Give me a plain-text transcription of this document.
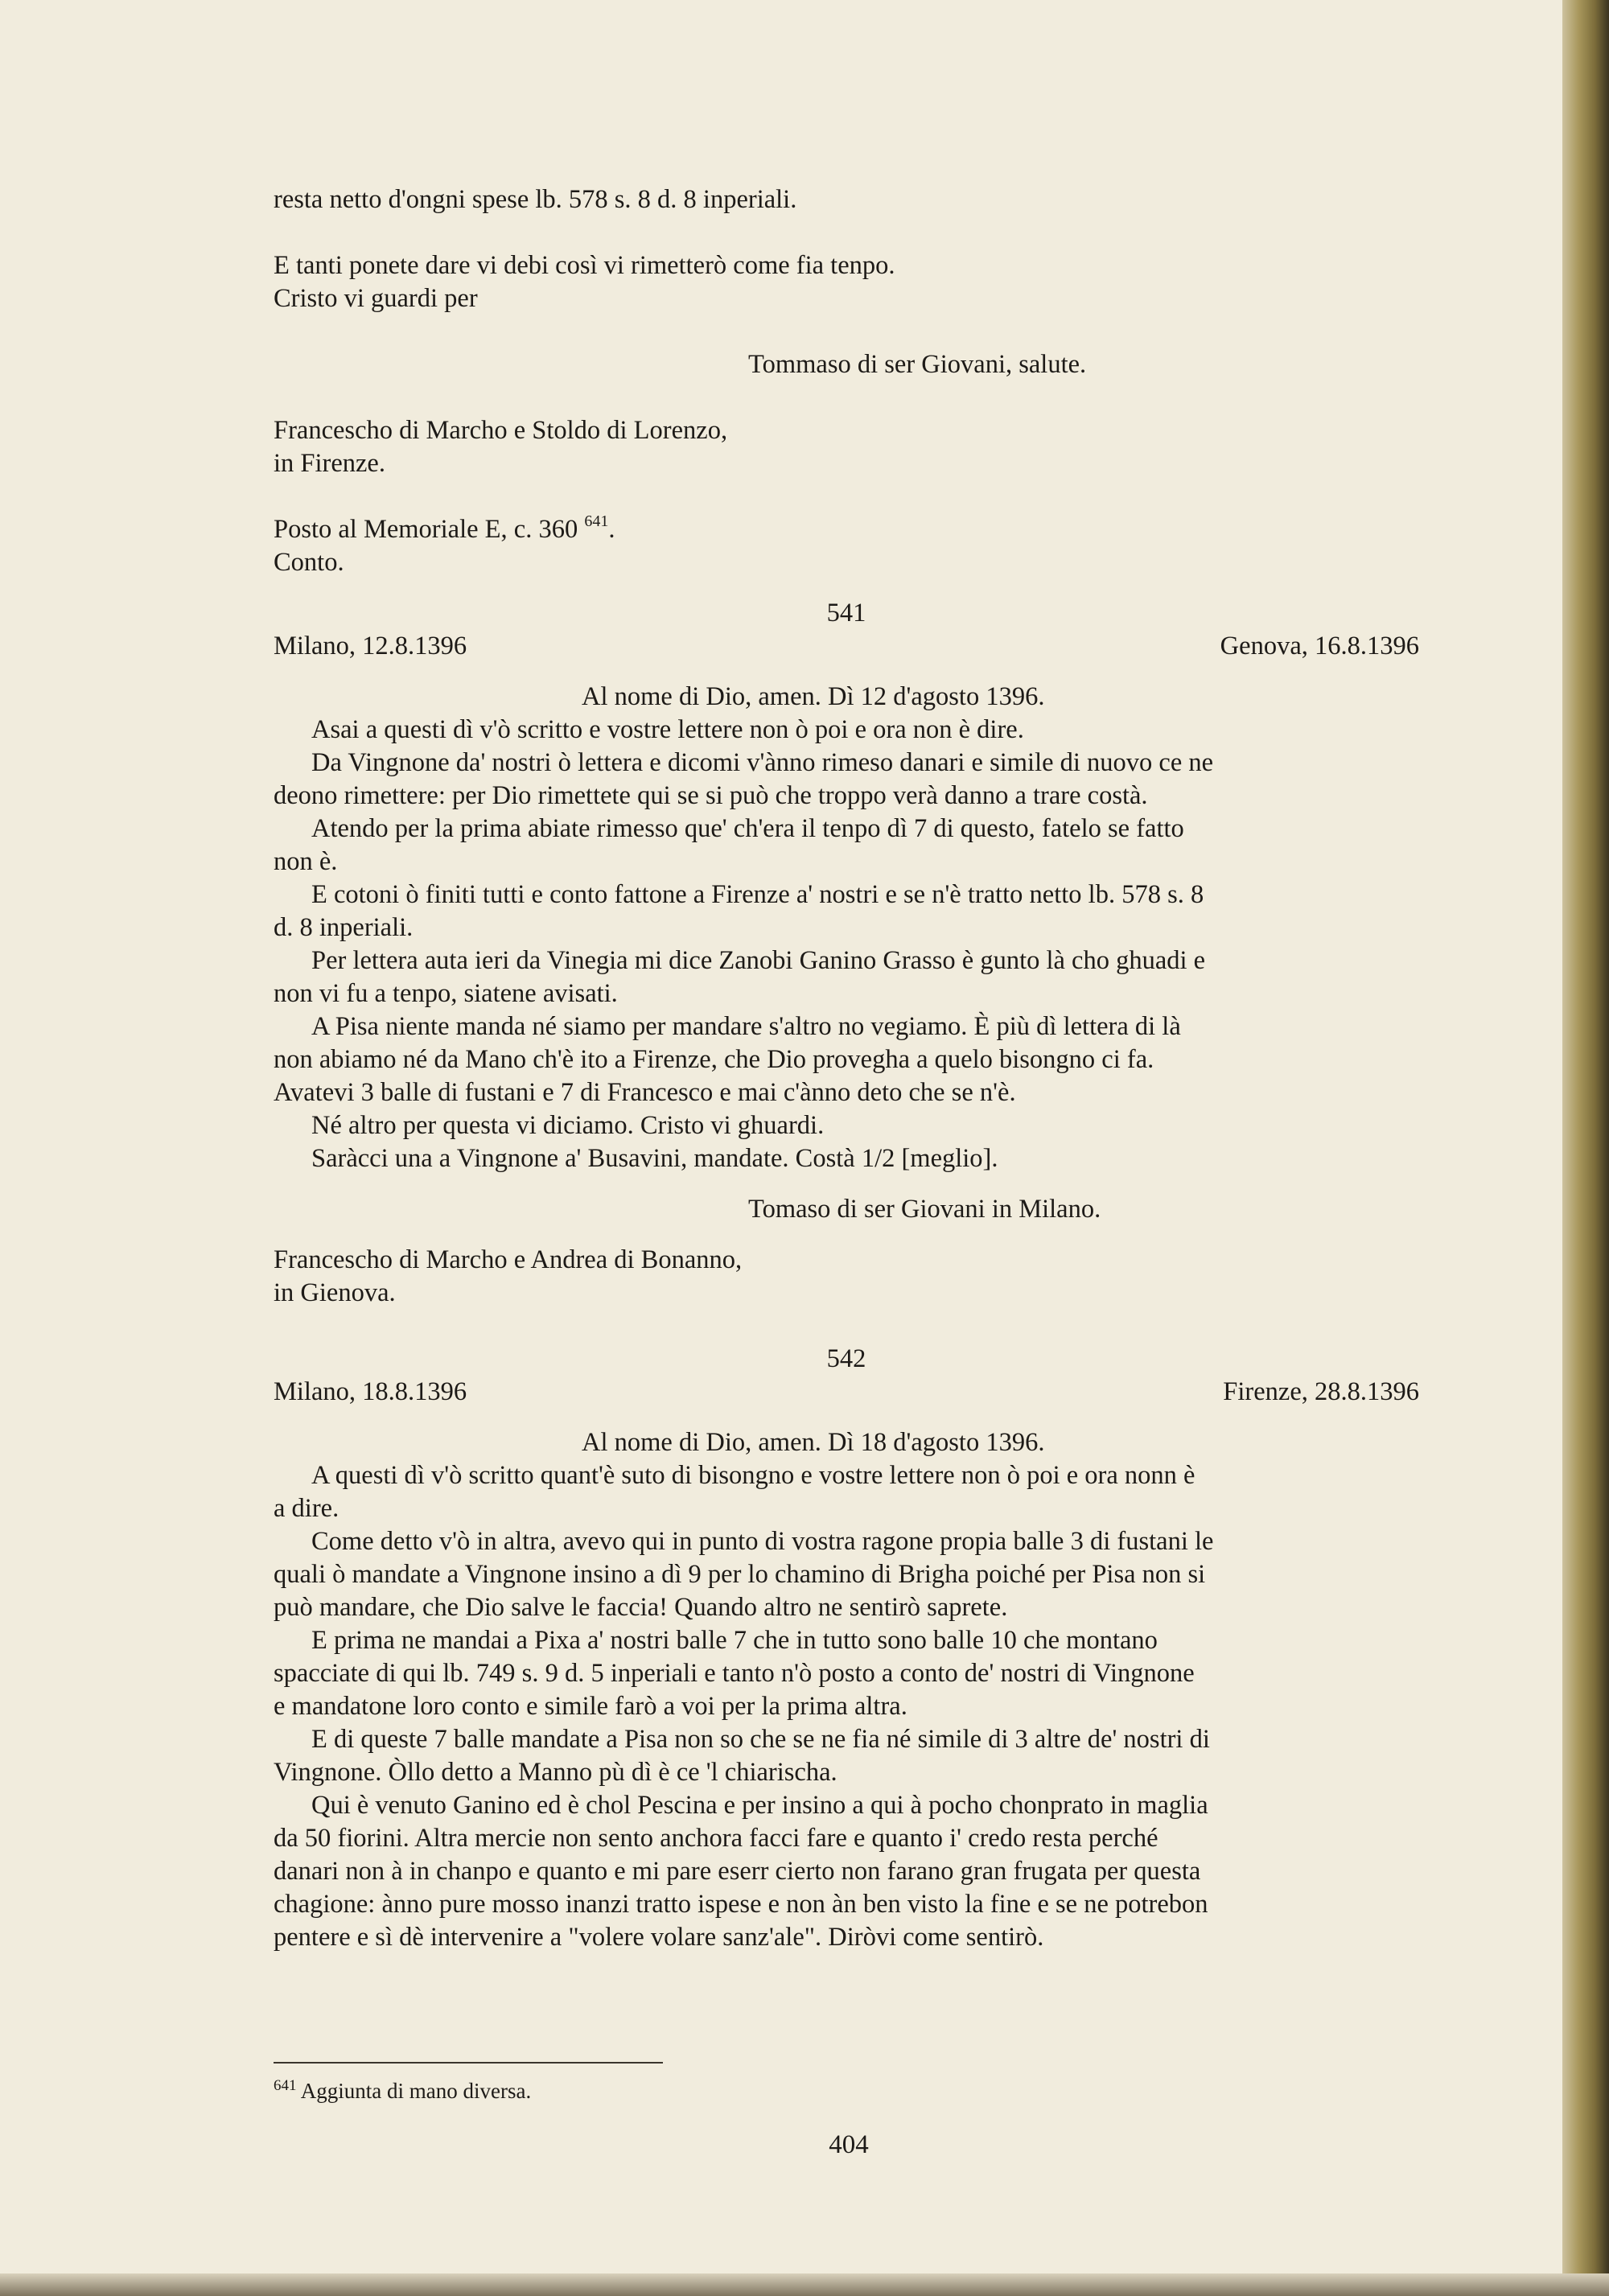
resta netto d'ongni spese lb. 578 s. 8 d. 8 inperiali.
E tanti ponete dare vi debi così vi rimetterò come fia tenpo.
Cristo vi guardi per
Tommaso di ser Giovani, salute.
Francescho di Marcho e Stoldo di Lorenzo,
in Firenze.
Posto al Memoriale E, c. 360 $^{641}$.
Conto.
541
Milano, 12.8.1396	Genova, 16.8.1396
Al nome di Dio, amen. Dì 12 d'agosto 1396.
Asai a questi dì v'ò scritto e vostre lettere non ò poi e ora non è dire.
Da Vingnone da' nostri ò lettera e dicomi v'ànno rimeso danari e simile di nuovo ce ne
deono rimettere: per Dio rimettete qui se si può che troppo verà danno a trare costà.
Atendo per la prima abiate rimesso que' ch'era il tenpo dì 7 di questo, fatelo se fatto
non è.
E cotoni ò finiti tutti e conto fattone a Firenze a' nostri e se n'è tratto netto lb. 578 s. 8
d. 8 inperiali.
Per lettera auta ieri da Vinegia mi dice Zanobi Ganino Grasso è gunto là cho ghuadi e
non vi fu a tenpo, siatene avisati.
A Pisa niente manda né siamo per mandare s'altro no vegiamo. È più dì lettera di là
non abiamo né da Mano ch'è ito a Firenze, che Dio provegha a quelo bisongno ci fa.
Avatevi 3 balle di fustani e 7 di Francesco e mai c'ànno deto che se n'è.
Né altro per questa vi diciamo. Cristo vi ghuardi.
Saràcci una a Vingnone a' Busavini, mandate. Costà 1/2 [meglio].
Tomaso di ser Giovani in Milano.
Francescho di Marcho e Andrea di Bonanno,
in Gienova.
542
Milano, 18.8.1396	Firenze, 28.8.1396
Al nome di Dio, amen. Dì 18 d'agosto 1396.
A questi dì v'ò scritto quant'è suto di bisongno e vostre lettere non ò poi e ora nonn è
a dire.
Come detto v'ò in altra, avevo qui in punto di vostra ragone propia balle 3 di fustani le
quali ò mandate a Vingnone insino a dì 9 per lo chamino di Brigha poiché per Pisa non si
può mandare, che Dio salve le faccia! Quando altro ne sentirò saprete.
E prima ne mandai a Pixa a' nostri balle 7 che in tutto sono balle 10 che montano
spacciate di qui lb. 749 s. 9 d. 5 inperiali e tanto n'ò posto a conto de' nostri di Vingnone
e mandatone loro conto e simile farò a voi per la prima altra.
E di queste 7 balle mandate a Pisa non so che se ne fia né simile di 3 altre de' nostri di
Vingnone. Òllo detto a Manno pù dì è ce 'l chiarischa.
Qui è venuto Ganino ed è chol Pescina e per insino a qui à pocho chonprato in maglia
da 50 fiorini. Altra mercie non sento anchora facci fare e quanto i' credo resta perché
danari non à in chanpo e quanto e mi pare eserr cierto non farano gran frugata per questa
chagione: ànno pure mosso inanzi tratto ispese e non àn ben visto la fine e se ne potrebon
pentere e sì dè intervenire a "volere volare sanz'ale". Diròvi come sentirò.
$^{641}$ Aggiunta di mano diversa.
404
